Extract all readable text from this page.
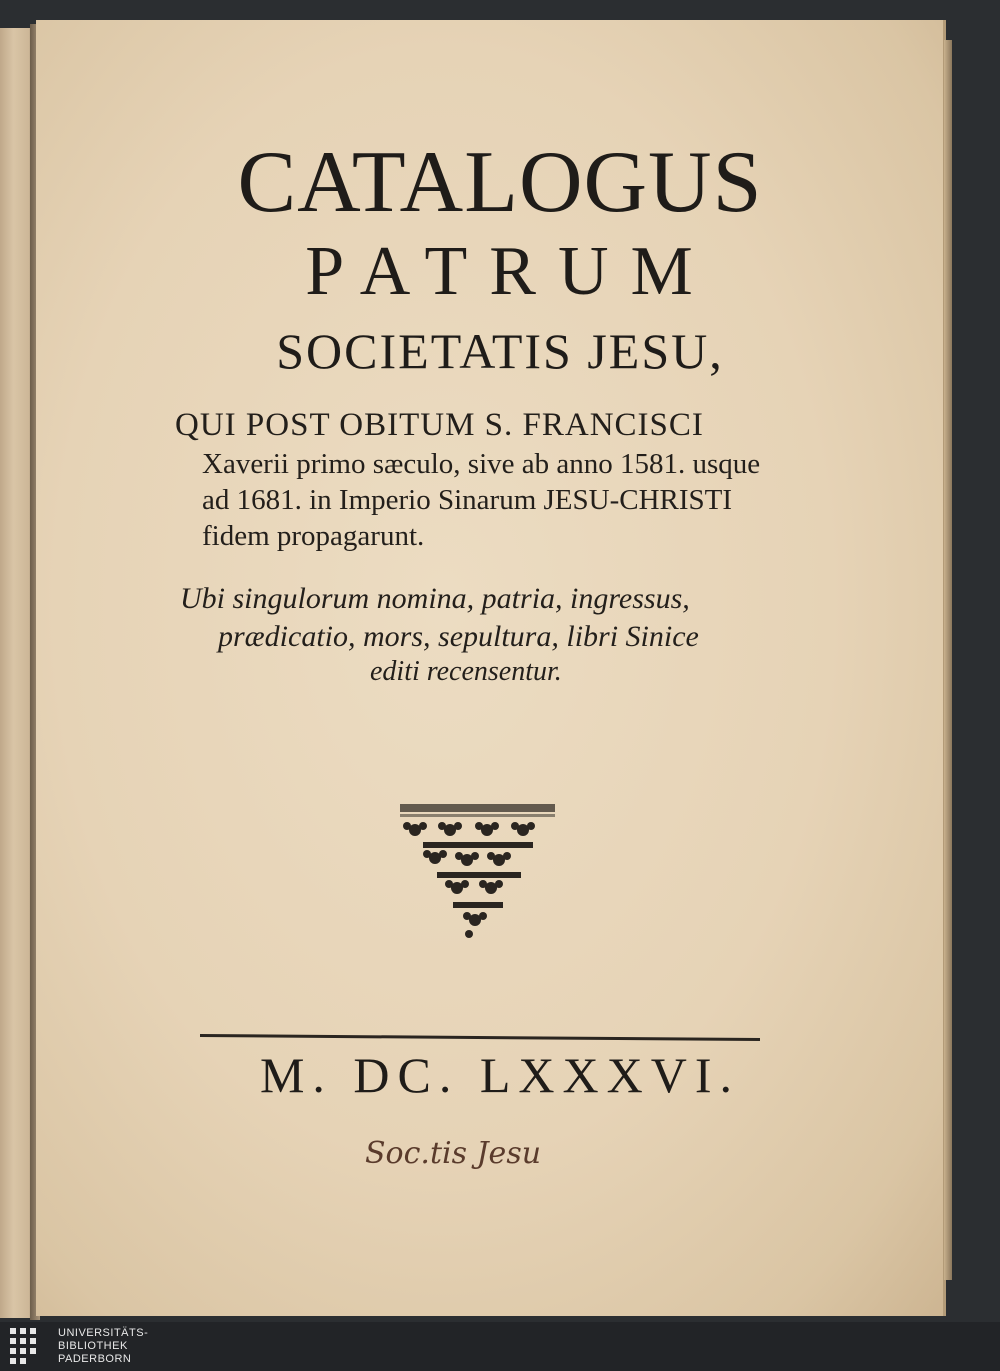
CATALOGUS
PATRUM
SOCIETATIS JESU,
QUI POST OBITUM S. FRANCISCI
Xaverii primo sæculo, sive ab anno 1581. usque
ad 1681. in Imperio Sinarum JESU-CHRISTI
fidem propagarunt.
Ubi singulorum nomina, patria, ingressus,
prædicatio, mors, sepultura, libri Sinice
editi recensentur.
M. DC. LXXXVI.
Soc.tis Jesu
UNIVERSITÄTS-
BIBLIOTHEK
PADERBORN
